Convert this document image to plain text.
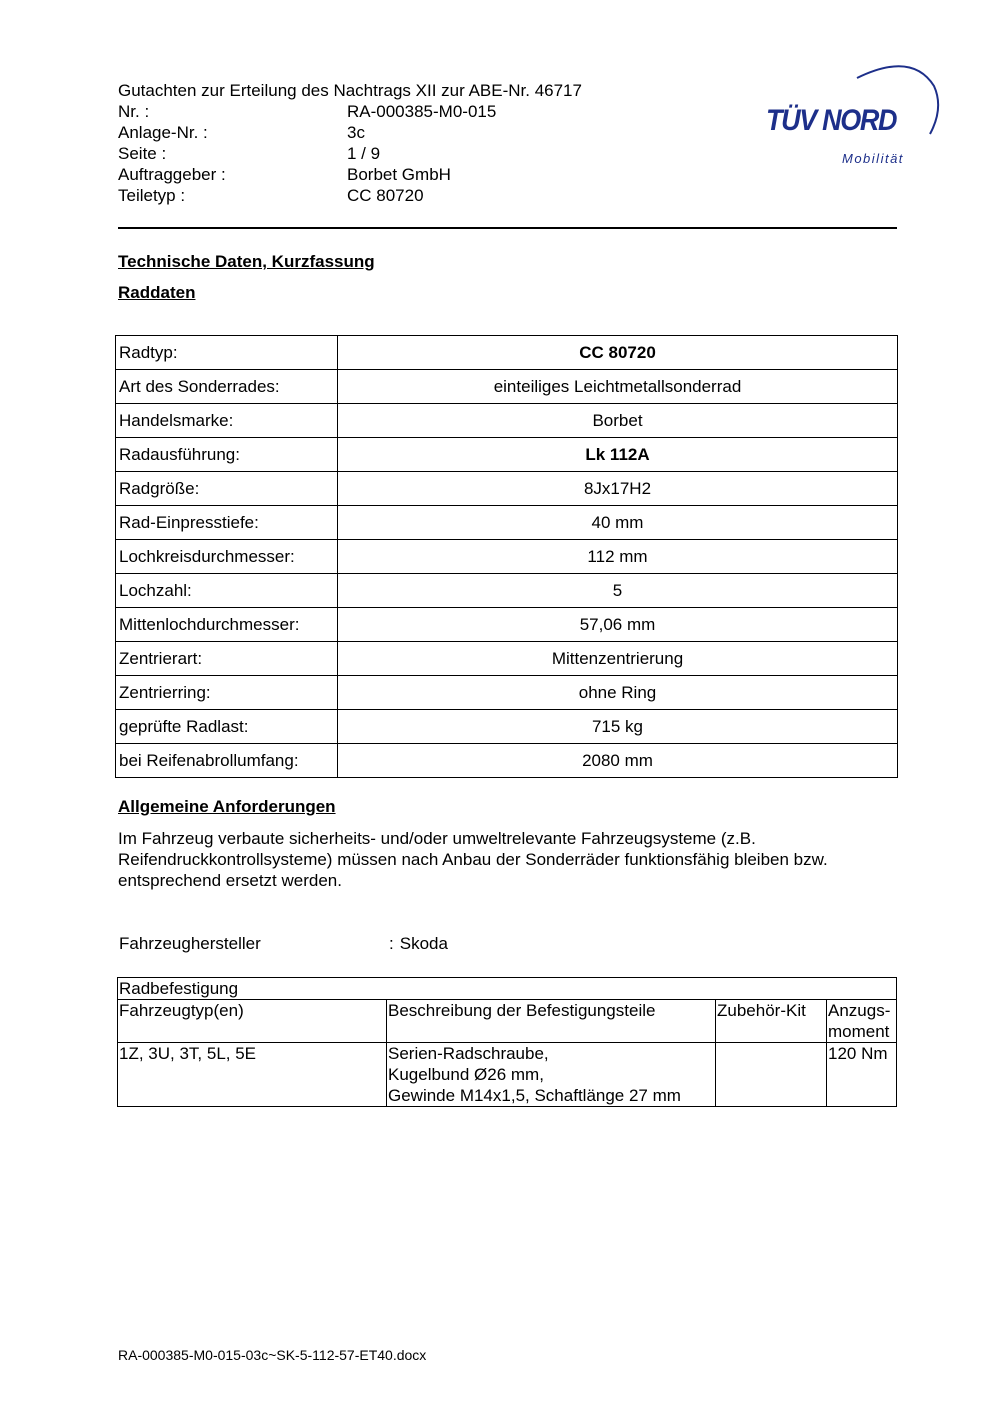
Gutachten zur Erteilung des Nachtrags XII zur ABE-Nr. 46717
Nr. :	RA-000385-M0-015
Anlage-Nr. :	3c
Seite :	1 / 9
Auftraggeber :	Borbet GmbH
Teiletyp :	CC 80720
TÜV NORD
Mobilität
Technische Daten, Kurzfassung
Raddaten
Radtyp:	CC 80720
Art des Sonderrades:	einteiliges Leichtmetallsonderrad
Handelsmarke:	Borbet
Radausführung:	Lk 112A
Radgröße:	8Jx17H2
Rad-Einpresstiefe:	40 mm
Lochkreisdurchmesser:	112 mm
Lochzahl:	5
Mittenlochdurchmesser:	57,06 mm
Zentrierart:	Mittenzentrierung
Zentrierring:	ohne Ring
geprüfte Radlast:	715 kg
bei Reifenabrollumfang:	2080 mm
Allgemeine Anforderungen
Im Fahrzeug verbaute sicherheits- und/oder umweltrelevante Fahrzeugsysteme (z.B.
Reifendruckkontrollsysteme) müssen nach Anbau der Sonderräder funktionsfähig bleiben bzw.
entsprechend ersetzt werden.
Fahrzeughersteller	: Skoda
Radbefestigung			
Fahrzeugtyp(en)	Beschreibung der Befestigungsteile	Zubehör-Kit	Anzugs-
moment

1Z, 3U, 3T, 5L, 5E	Serien-Radschraube,
Kugelbund Ø26 mm,
Gewinde M14x1,5, Schaftlänge 27 mm		120 Nm
RA-000385-M0-015-03c~SK-5-112-57-ET40.docx
